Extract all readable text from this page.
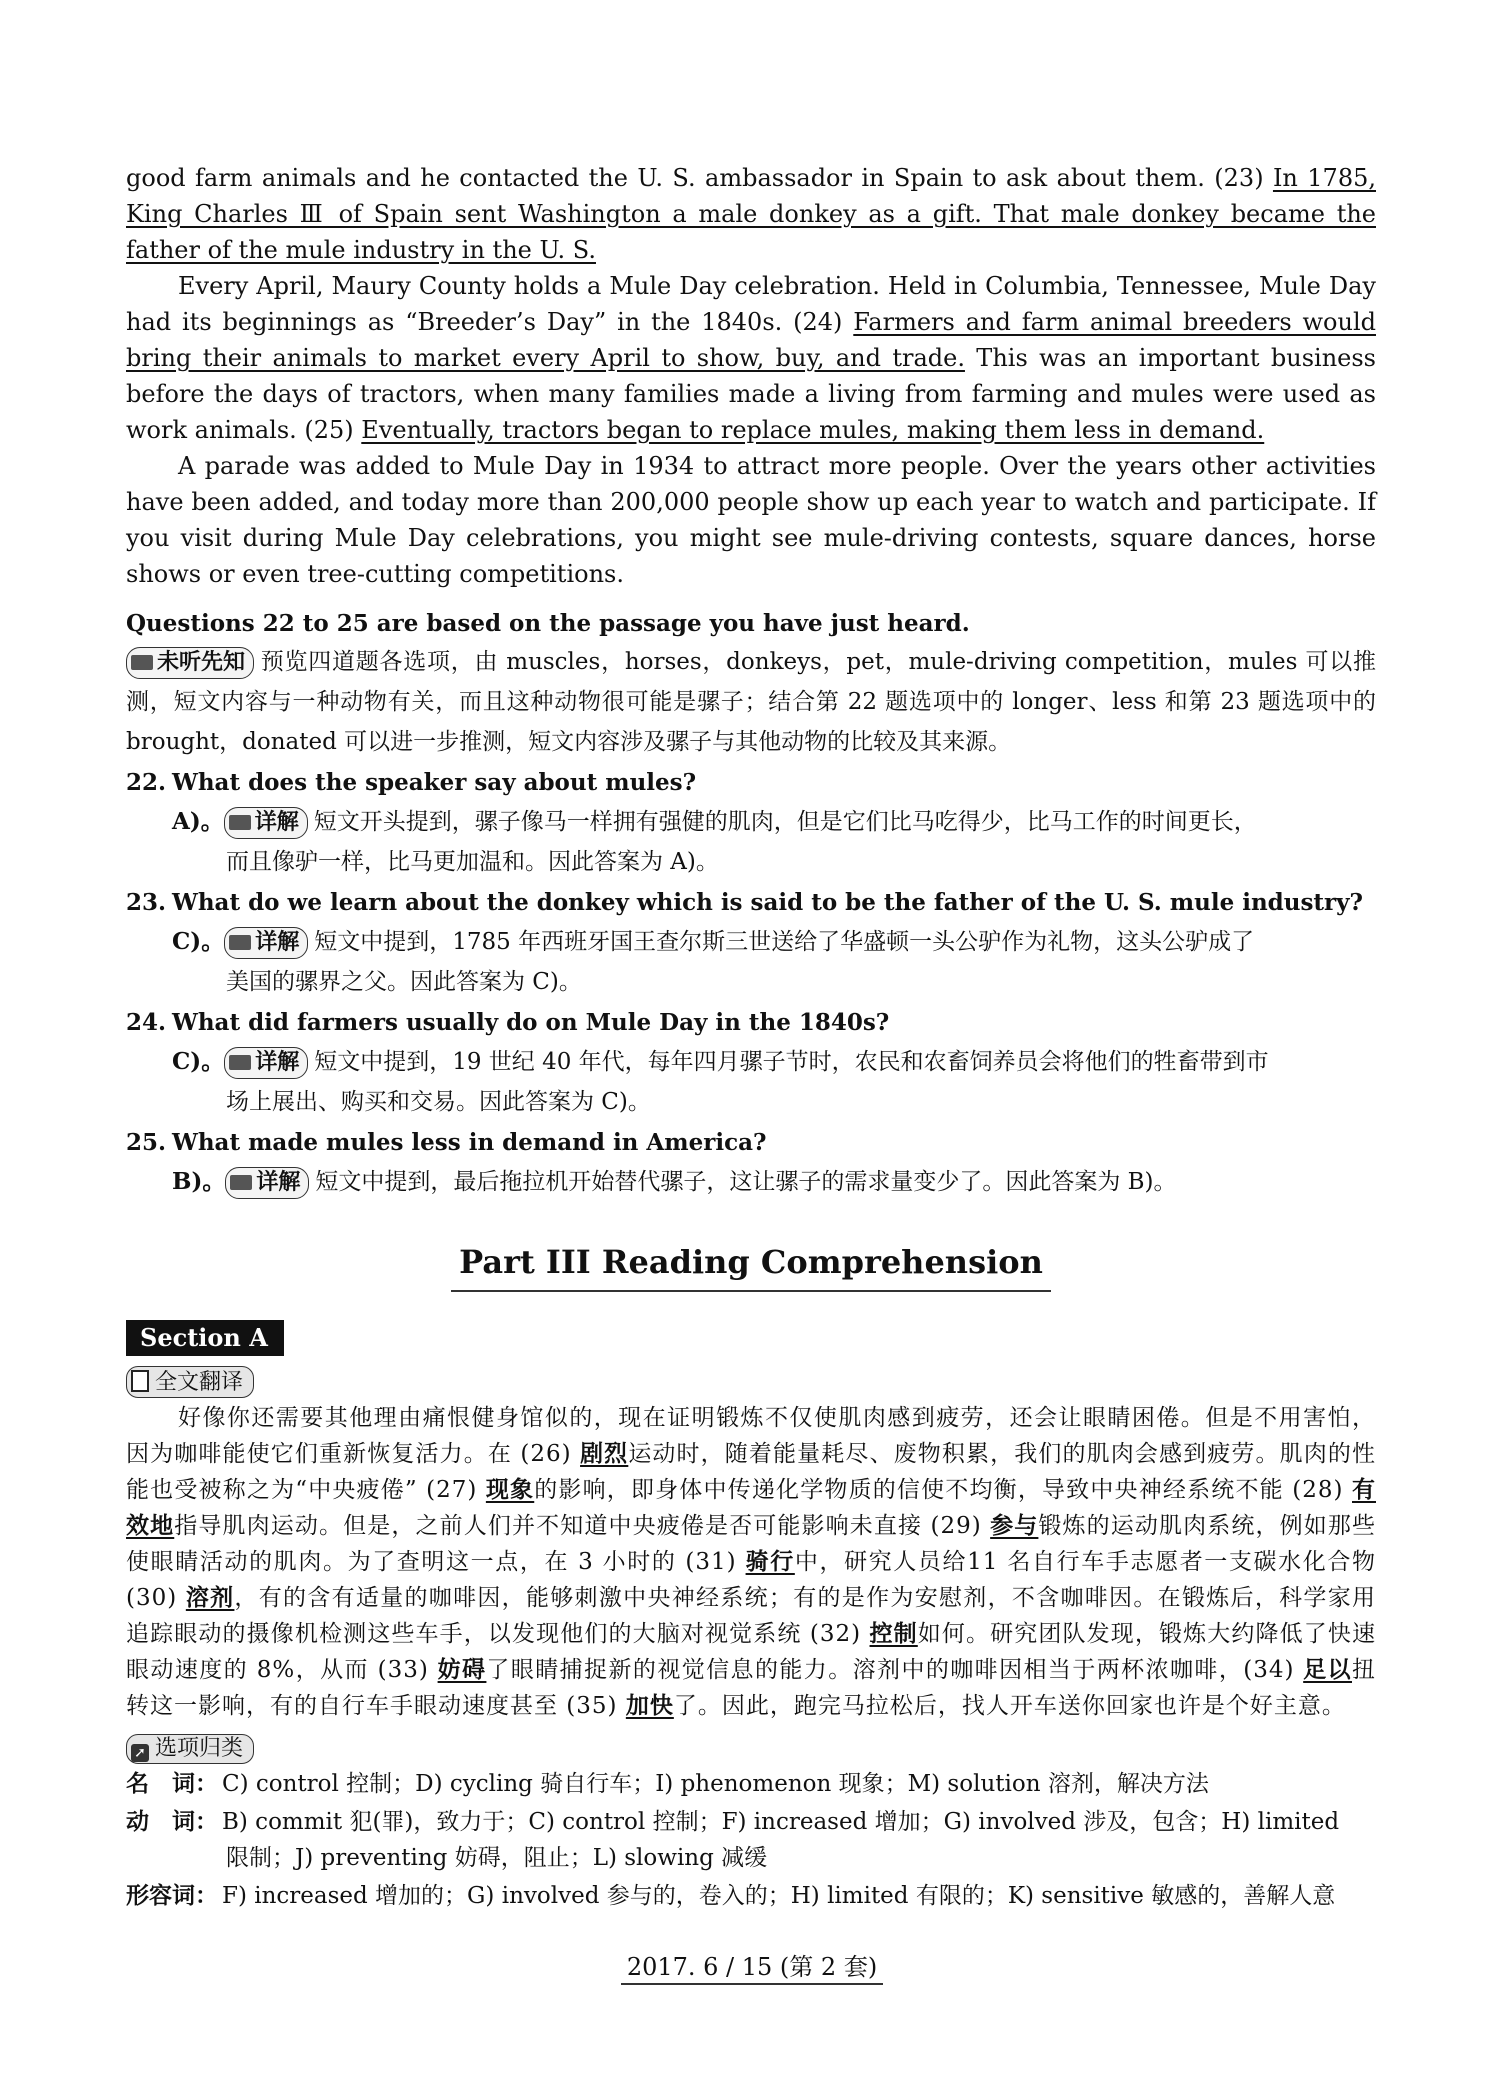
good farm animals and he contacted the U. S. ambassador in Spain to ask about them. (23) In 1785, King Charles Ⅲ of Spain sent Washington a male donkey as a gift. That male donkey became the father of the mule industry in the U. S.

Every April, Maury County holds a Mule Day celebration. Held in Columbia, Tennessee, Mule Day had its beginnings as “Breeder’s Day” in the 1840s. (24) Farmers and farm animal breeders would bring their animals to market every April to show, buy, and trade. This was an important business before the days of tractors, when many families made a living from farming and mules were used as work animals. (25) Eventually, tractors began to replace mules, making them less in demand.

A parade was added to Mule Day in 1934 to attract more people. Over the years other activities have been added, and today more than 200,000 people show up each year to watch and participate. If you visit during Mule Day celebrations, you might see mule-driving contests, square dances, horse shows or even tree-cutting competitions.

Questions 22 to 25 are based on the passage you have just heard.

未听先知 预览四道题各选项，由 muscles，horses，donkeys，pet，mule-driving competition，mules 可以推测，短文内容与一种动物有关，而且这种动物很可能是骡子；结合第 22 题选项中的 longer、less 和第 23 题选项中的 brought，donated 可以进一步推测，短文内容涉及骡子与其他动物的比较及其来源。

22. What does the speaker say about mules?

A)。 详解 短文开头提到，骡子像马一样拥有强健的肌肉，但是它们比马吃得少，比马工作的时间更长，
而且像驴一样，比马更加温和。因此答案为 A)。

23. What do we learn about the donkey which is said to be the father of the U. S. mule industry?

C)。 详解 短文中提到，1785 年西班牙国王查尔斯三世送给了华盛顿一头公驴作为礼物，这头公驴成了
美国的骡界之父。因此答案为 C)。

24. What did farmers usually do on Mule Day in the 1840s?

C)。 详解 短文中提到，19 世纪 40 年代，每年四月骡子节时，农民和农畜饲养员会将他们的牲畜带到市
场上展出、购买和交易。因此答案为 C)。

25. What made mules less in demand in America?

B)。 详解 短文中提到，最后拖拉机开始替代骡子，这让骡子的需求量变少了。因此答案为 B)。

Part III Reading Comprehension
Section A
全文翻译

好像你还需要其他理由痛恨健身馆似的，现在证明锻炼不仅使肌肉感到疲劳，还会让眼睛困倦。但是不用害怕，因为咖啡能使它们重新恢复活力。在 (26) 剧烈运动时，随着能量耗尽、废物积累，我们的肌肉会感到疲劳。肌肉的性能也受被称之为“中央疲倦” (27) 现象的影响，即身体中传递化学物质的信使不均衡，导致中央神经系统不能 (28) 有效地指导肌肉运动。但是，之前人们并不知道中央疲倦是否可能影响未直接 (29) 参与锻炼的运动肌肉系统，例如那些使眼睛活动的肌肉。为了查明这一点，在 3 小时的 (31) 骑行中，研究人员给11 名自行车手志愿者一支碳水化合物 (30) 溶剂，有的含有适量的咖啡因，能够刺激中央神经系统；有的是作为安慰剂，不含咖啡因。在锻炼后，科学家用追踪眼动的摄像机检测这些车手，以发现他们的大脑对视觉系统 (32) 控制如何。研究团队发现，锻炼大约降低了快速眼动速度的 8%，从而 (33) 妨碍了眼睛捕捉新的视觉信息的能力。溶剂中的咖啡因相当于两杯浓咖啡，(34) 足以扭转这一影响，有的自行车手眼动速度甚至 (35) 加快了。因此，跑完马拉松后，找人开车送你回家也许是个好主意。

➚ 选项归类

名　词： C) control 控制；D) cycling 骑自行车；I) phenomenon 现象；M) solution 溶剂，解决方法

动　词： B) commit 犯(罪)，致力于；C) control 控制；F) increased 增加；G) involved 涉及，包含；H) limited
限制；J) preventing 妨碍，阻止；L) slowing 减缓

形容词： F) increased 增加的；G) involved 参与的，卷入的；H) limited 有限的；K) sensitive 敏感的，善解人意

2017. 6 / 15 (第 2 套)
